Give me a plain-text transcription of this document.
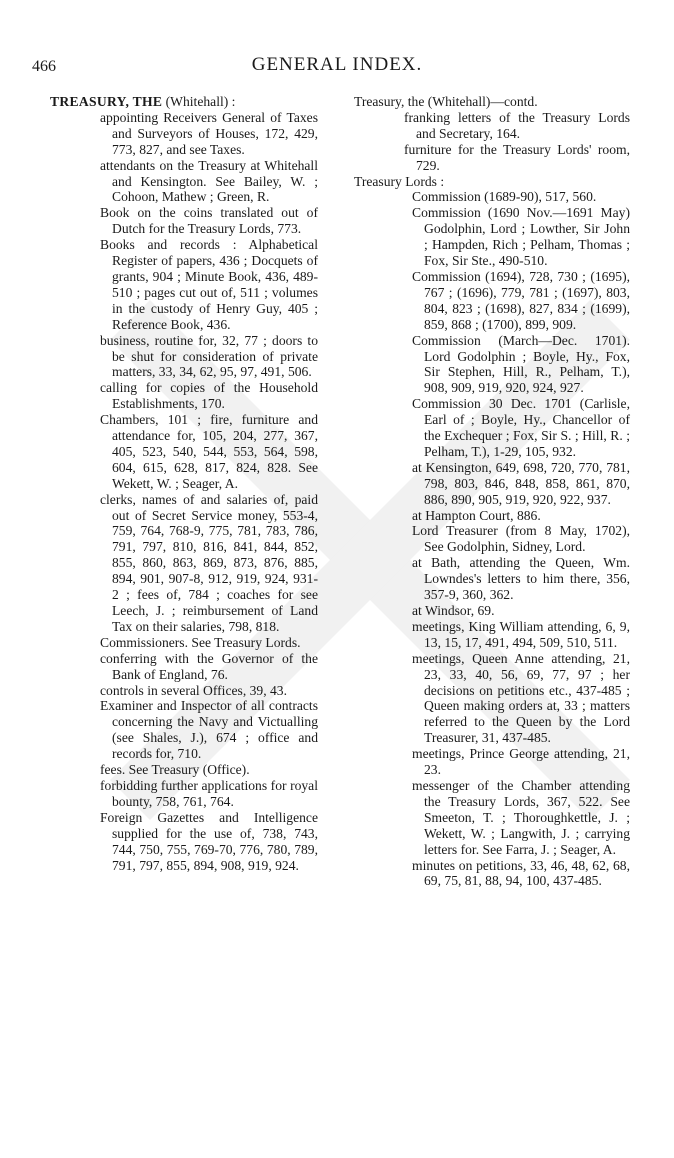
466	GENERAL INDEX.

TREASURY, THE (Whitehall) :

appointing Receivers General of Taxes and Surveyors of Houses, 172, 429, 773, 827, and see Taxes.

attendants on the Treasury at Whitehall and Kensington. See Bailey, W. ; Cohoon, Mathew ; Green, R.

Book on the coins translated out of Dutch for the Treasury Lords, 773.

Books and records : Alphabetical Register of papers, 436 ; Docquets of grants, 904 ; Minute Book, 436, 489-510 ; pages cut out of, 511 ; volumes in the custody of Henry Guy, 405 ; Reference Book, 436.

business, routine for, 32, 77 ; doors to be shut for consideration of private matters, 33, 34, 62, 95, 97, 491, 506.

calling for copies of the Household Establishments, 170.

Chambers, 101 ; fire, furniture and attendance for, 105, 204, 277, 367, 405, 523, 540, 544, 553, 564, 598, 604, 615, 628, 817, 824, 828. See Wekett, W. ; Seager, A.

clerks, names of and salaries of, paid out of Secret Service money, 553-4, 759, 764, 768-9, 775, 781, 783, 786, 791, 797, 810, 816, 841, 844, 852, 855, 860, 863, 869, 873, 876, 885, 894, 901, 907-8, 912, 919, 924, 931-2 ; fees of, 784 ; coaches for see Leech, J. ; reimbursement of Land Tax on their salaries, 798, 818.

Commissioners. See Treasury Lords.

conferring with the Governor of the Bank of England, 76.

controls in several Offices, 39, 43.

Examiner and Inspector of all contracts concerning the Navy and Victualling (see Shales, J.), 674 ; office and records for, 710.

fees. See Treasury (Office).

forbidding further applications for royal bounty, 758, 761, 764.

Foreign Gazettes and Intelligence supplied for the use of, 738, 743, 744, 750, 755, 769-70, 776, 780, 789, 791, 797, 855, 894, 908, 919, 924.

Treasury, the (Whitehall)—contd.

franking letters of the Treasury Lords and Secretary, 164.

furniture for the Treasury Lords' room, 729.

Treasury Lords :

Commission (1689-90), 517, 560.

Commission (1690 Nov.—1691 May) Godolphin, Lord ; Lowther, Sir John ; Hampden, Rich ; Pelham, Thomas ; Fox, Sir Ste., 490-510.

Commission (1694), 728, 730 ; (1695), 767 ; (1696), 779, 781 ; (1697), 803, 804, 823 ; (1698), 827, 834 ; (1699), 859, 868 ; (1700), 899, 909.

Commission (March—Dec. 1701). Lord Godolphin ; Boyle, Hy., Fox, Sir Stephen, Hill, R., Pelham, T.), 908, 909, 919, 920, 924, 927.

Commission 30 Dec. 1701 (Carlisle, Earl of ; Boyle, Hy., Chancellor of the Exchequer ; Fox, Sir S. ; Hill, R. ; Pelham, T.), 1-29, 105, 932.

at Kensington, 649, 698, 720, 770, 781, 798, 803, 846, 848, 858, 861, 870, 886, 890, 905, 919, 920, 922, 937.

at Hampton Court, 886.

Lord Treasurer (from 8 May, 1702), See Godolphin, Sidney, Lord.

at Bath, attending the Queen, Wm. Lowndes's letters to him there, 356, 357-9, 360, 362.

at Windsor, 69.

meetings, King William attending, 6, 9, 13, 15, 17, 491, 494, 509, 510, 511.

meetings, Queen Anne attending, 21, 23, 33, 40, 56, 69, 77, 97 ; her decisions on petitions etc., 437-485 ; Queen making orders at, 33 ; matters referred to the Queen by the Lord Treasurer, 31, 437-485.

meetings, Prince George attending, 21, 23.

messenger of the Chamber attending the Treasury Lords, 367, 522. See Smeeton, T. ; Thoroughkettle, J. ; Wekett, W. ; Langwith, J. ; carrying letters for. See Farra, J. ; Seager, A.

minutes on petitions, 33, 46, 48, 62, 68, 69, 75, 81, 88, 94, 100, 437-485.
